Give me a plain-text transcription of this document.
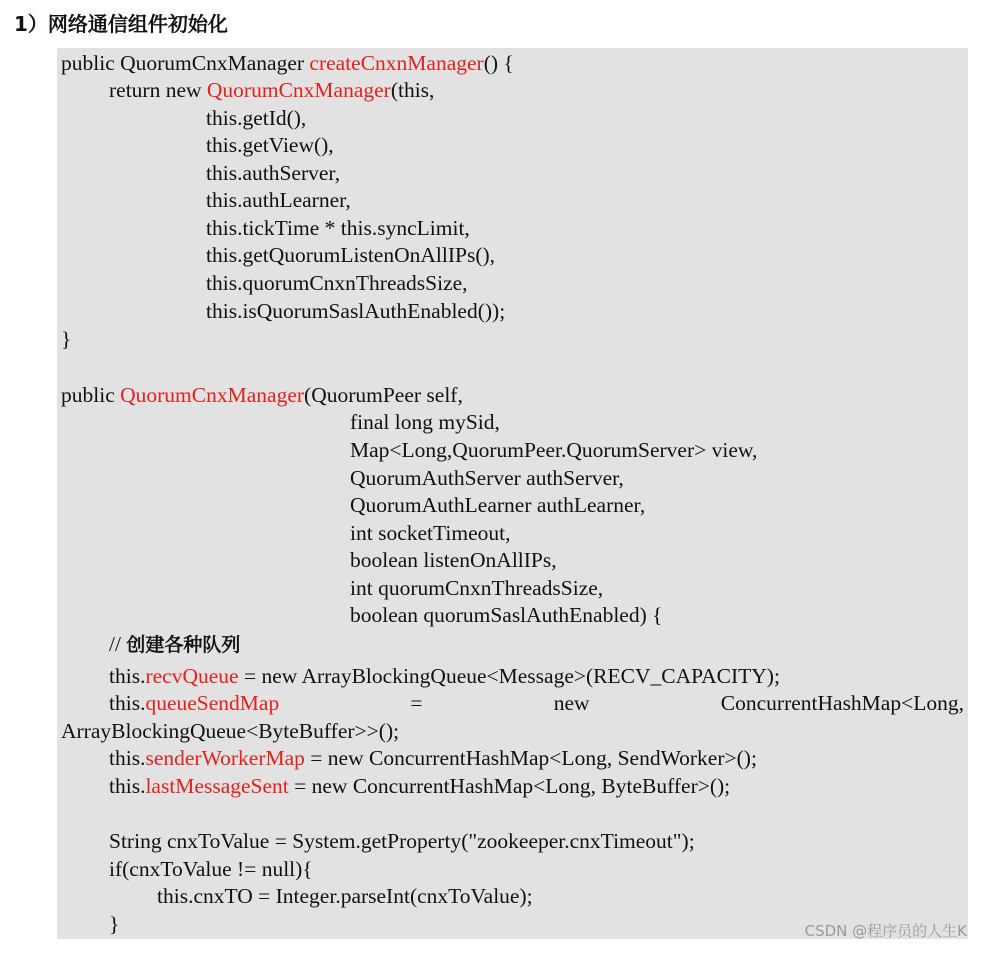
1）网络通信组件初始化
public QuorumCnxManager createCnxnManager() {
return new QuorumCnxManager(this,
this.getId(),
this.getView(),
this.authServer,
this.authLearner,
this.tickTime * this.syncLimit,
this.getQuorumListenOnAllIPs(),
this.quorumCnxnThreadsSize,
this.isQuorumSaslAuthEnabled());
}
public QuorumCnxManager(QuorumPeer self,
final long mySid,
Map<Long,QuorumPeer.QuorumServer> view,
QuorumAuthServer authServer,
QuorumAuthLearner authLearner,
int socketTimeout,
boolean listenOnAllIPs,
int quorumCnxnThreadsSize,
boolean quorumSaslAuthEnabled) {
// 创建各种队列
this.recvQueue = new ArrayBlockingQueue<Message>(RECV_CAPACITY);
this.queueSendMap	=	new	ConcurrentHashMap<Long,
ArrayBlockingQueue<ByteBuffer>>();
this.senderWorkerMap = new ConcurrentHashMap<Long, SendWorker>();
this.lastMessageSent = new ConcurrentHashMap<Long, ByteBuffer>();
String cnxToValue = System.getProperty("zookeeper.cnxTimeout");
if(cnxToValue != null){
this.cnxTO = Integer.parseInt(cnxToValue);
}	CSDN @程序员的人生K
